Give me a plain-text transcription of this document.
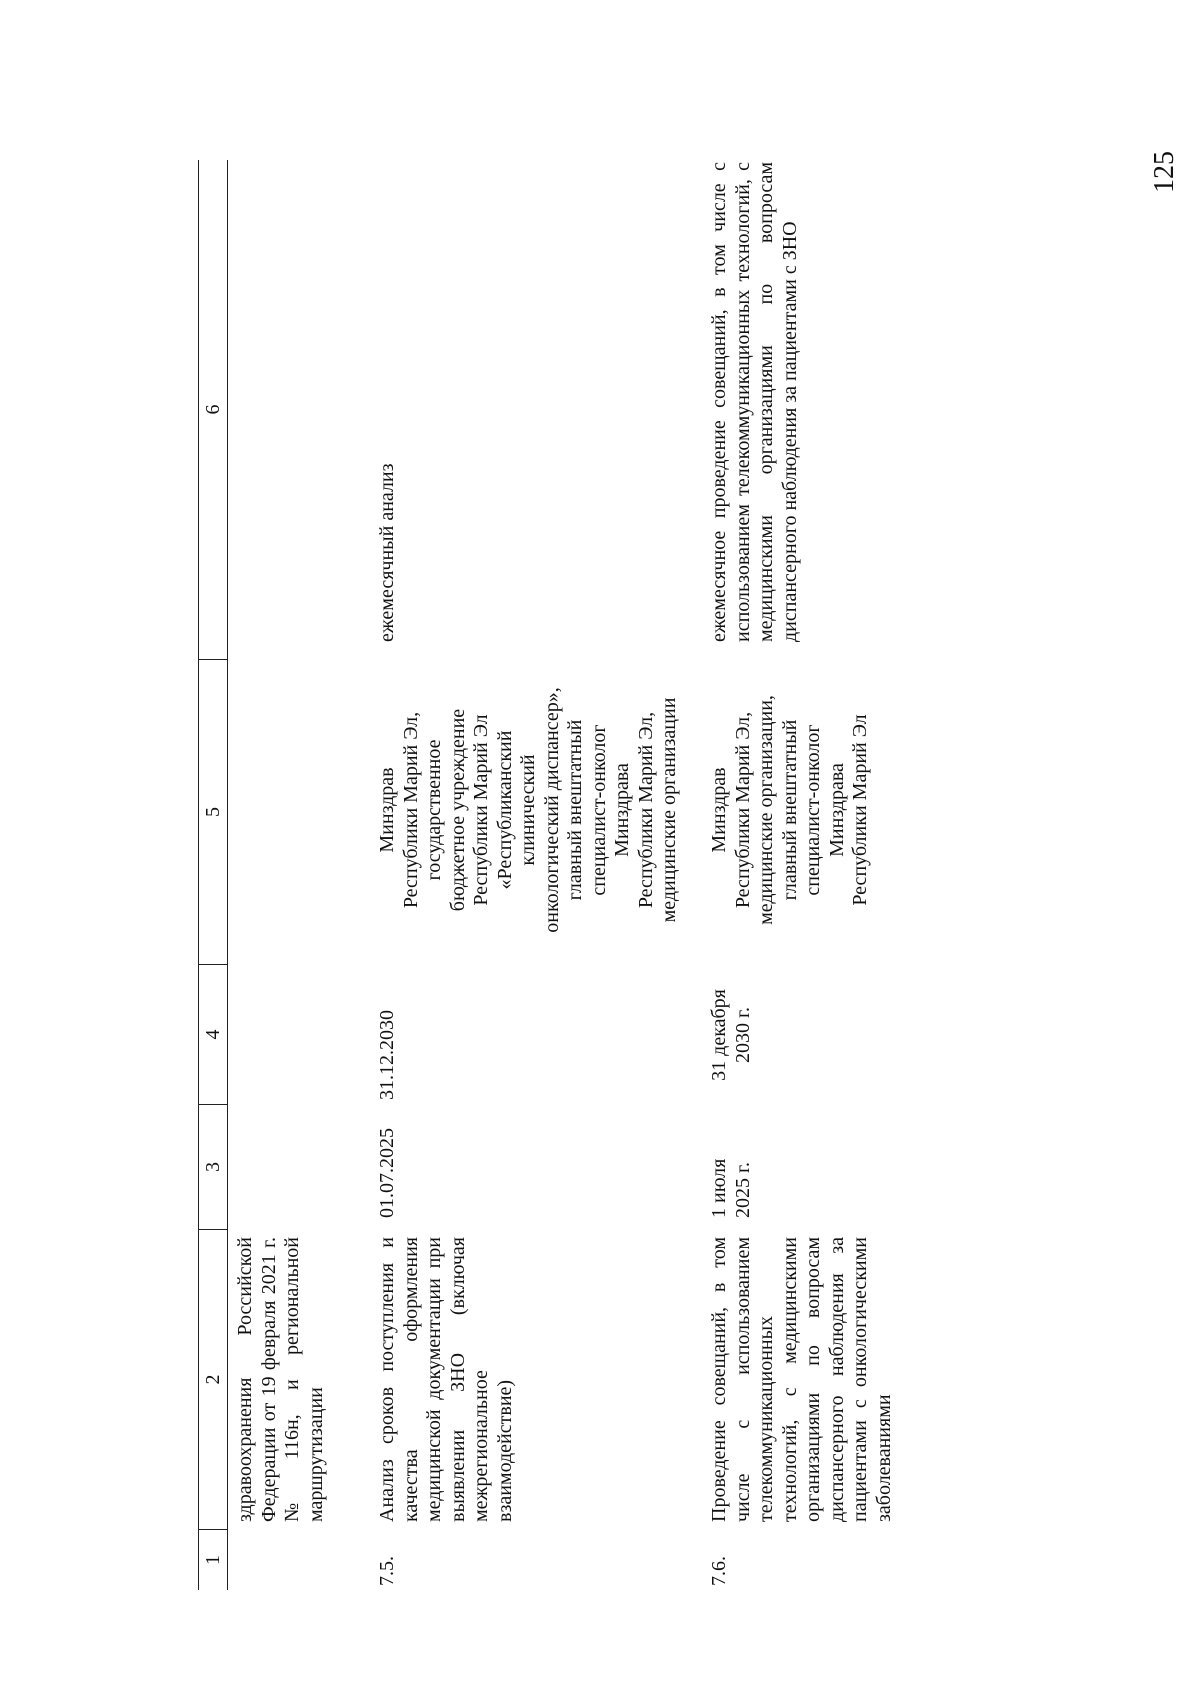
125
1
2
3
4
5
6
здравоохранения Российской Федерации от 19 февраля 2021 г. № 116н, и региональной маршрутизации
7.5.
Анализ сроков поступления и качества оформления медицинской документации при выявлении ЗНО (включая межрегиональное взаимодействие)
01.07.2025
31.12.2030
Минздрав
Республики Марий Эл,
государственное
бюджетное учреждение
Республики Марий Эл
«Республиканский
клинический
онкологический диспансер»,
главный внештатный
специалист-онколог
Минздрава
Республики Марий Эл,
медицинские организации
ежемесячный анализ
7.6.
Проведение совещаний, в том числе с использованием телекоммуникационных технологий, с медицинскими организациями по вопросам диспансерного наблюдения за пациентами с онкологическими заболеваниями
1 июля
2025 г.
31 декабря
2030 г.
Минздрав
Республики Марий Эл,
медицинские организации,
главный внештатный
специалист-онколог
Минздрава
Республики Марий Эл
ежемесячное проведение совещаний, в том числе с использованием телекоммуникационных технологий, с медицинскими организациями по вопросам диспансерного наблюдения за пациентами с ЗНО
